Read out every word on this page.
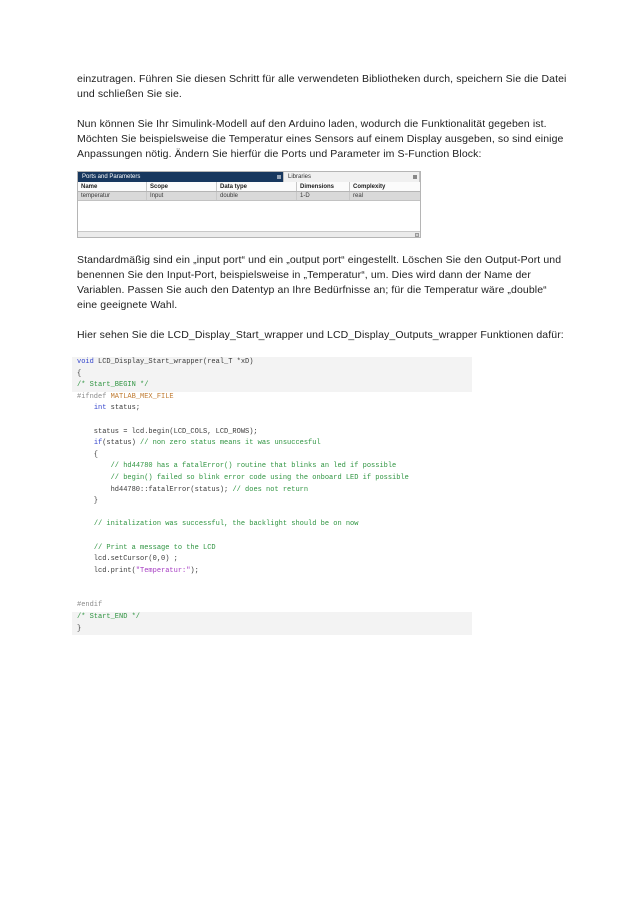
einzutragen. Führen Sie diesen Schritt für alle verwendeten Bibliotheken durch, speichern Sie die Datei und schließen Sie sie.

Nun können Sie Ihr Simulink-Modell auf den Arduino laden, wodurch die Funktionalität gegeben ist. Möchten Sie beispielsweise die Temperatur eines Sensors auf einem Display ausgeben, so sind einige Anpassungen nötig. Ändern Sie hierfür die Ports und Parameter im S-Function Block:

Ports and Parameters	Libraries
Name	Scope	Data type	Dimensions	Complexity
temperatur	Input	double	1-D	real

Standardmäßig sind ein „input port“ und ein „output port“ eingestellt. Löschen Sie den Output-Port und benennen Sie den Input-Port, beispielsweise in „Temperatur“, um. Dies wird dann der Name der Variablen. Passen Sie auch den Datentyp an Ihre Bedürfnisse an; für die Temperatur wäre „double“ eine geeignete Wahl.

Hier sehen Sie die LCD_Display_Start_wrapper und LCD_Display_Outputs_wrapper Funktionen dafür:

void LCD_Display_Start_wrapper(real_T *xD)
{
/* Start_BEGIN */
#ifndef MATLAB_MEX_FILE
int status;

status = lcd.begin(LCD_COLS, LCD_ROWS);
if(status) // non zero status means it was unsuccesful
{
// hd44780 has a fatalError() routine that blinks an led if possible
// begin() failed so blink error code using the onboard LED if possible
hd44780::fatalError(status); // does not return
}

// initalization was successful, the backlight should be on now

// Print a message to the LCD
lcd.setCursor(0,0) ;
lcd.print("Temperatur:");

#endif
/* Start_END */
}
